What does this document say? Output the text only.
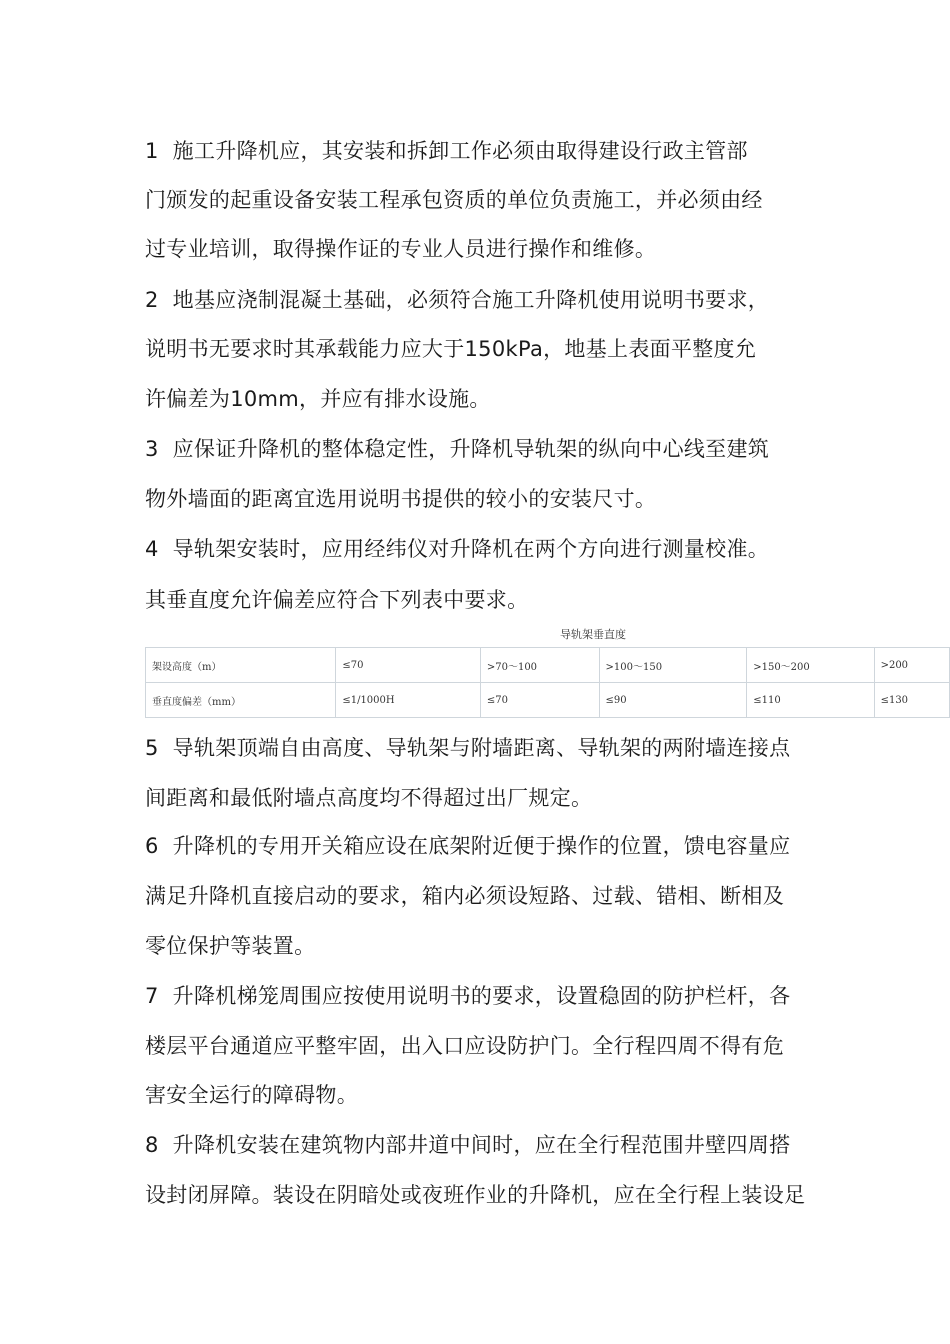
1 施工升降机应，其安装和拆卸工作必须由取得建设行政主管部
门颁发的起重设备安装工程承包资质的单位负责施工，并必须由经
过专业培训，取得操作证的专业人员进行操作和维修。
2 地基应浇制混凝土基础，必须符合施工升降机使用说明书要求，
说明书无要求时其承载能力应大于150kPa，地基上表面平整度允
许偏差为10mm，并应有排水设施。
3 应保证升降机的整体稳定性，升降机导轨架的纵向中心线至建筑
物外墙面的距离宜选用说明书提供的较小的安装尺寸。
4 导轨架安装时，应用经纬仪对升降机在两个方向进行测量校准。
其垂直度允许偏差应符合下列表中要求。
导轨架垂直度
架设高度（m）	≤70	>70～100	>100～150	>150～200	>200
垂直度偏差（mm）	≤1/1000H	≤70	≤90	≤110	≤130
5 导轨架顶端自由高度、导轨架与附墙距离、导轨架的两附墙连接点
间距离和最低附墙点高度均不得超过出厂规定。
6 升降机的专用开关箱应设在底架附近便于操作的位置，馈电容量应
满足升降机直接启动的要求，箱内必须设短路、过载、错相、断相及
零位保护等装置。
7 升降机梯笼周围应按使用说明书的要求，设置稳固的防护栏杆，各
楼层平台通道应平整牢固，出入口应设防护门。全行程四周不得有危
害安全运行的障碍物。
8 升降机安装在建筑物内部井道中间时，应在全行程范围井壁四周搭
设封闭屏障。装设在阴暗处或夜班作业的升降机，应在全行程上装设足
